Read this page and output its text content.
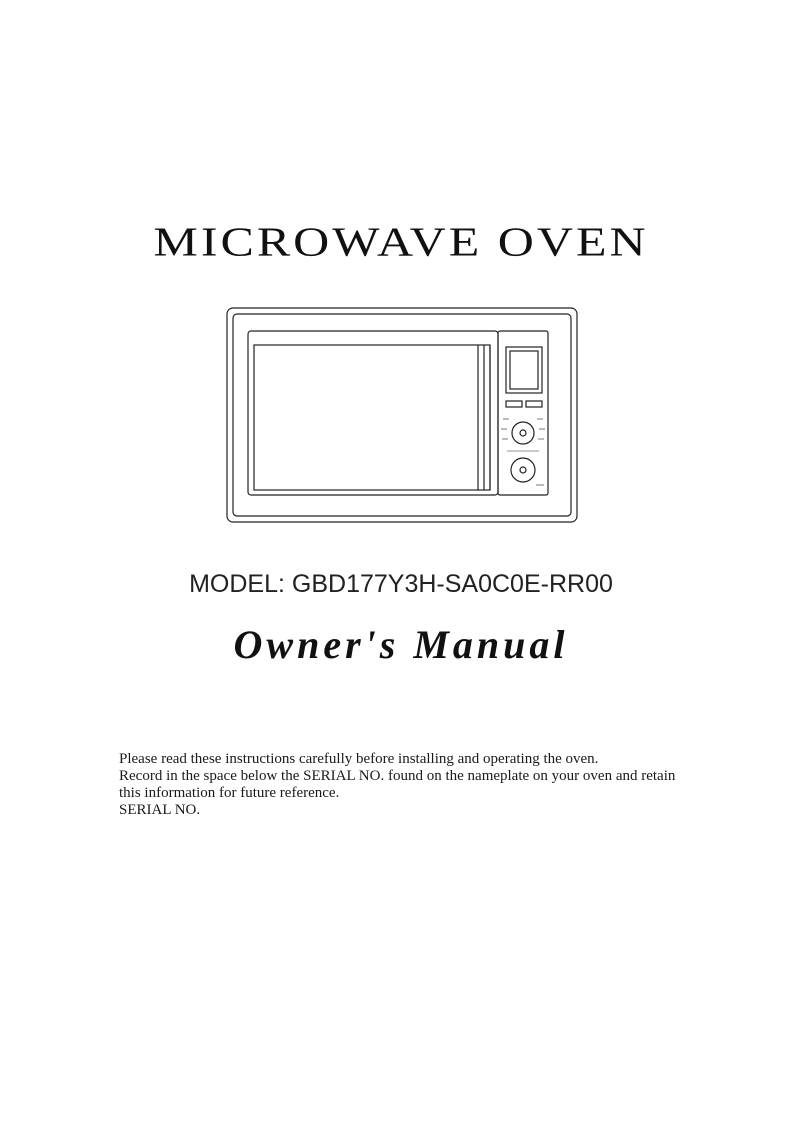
MICROWAVE OVEN
MODEL: GBD177Y3H-SA0C0E-RR00
Owner's Manual

Please read these instructions carefully before installing and operating the oven.

Record in the space below the SERIAL NO. found on the nameplate on your oven and retain

this information for future reference.

SERIAL NO.
